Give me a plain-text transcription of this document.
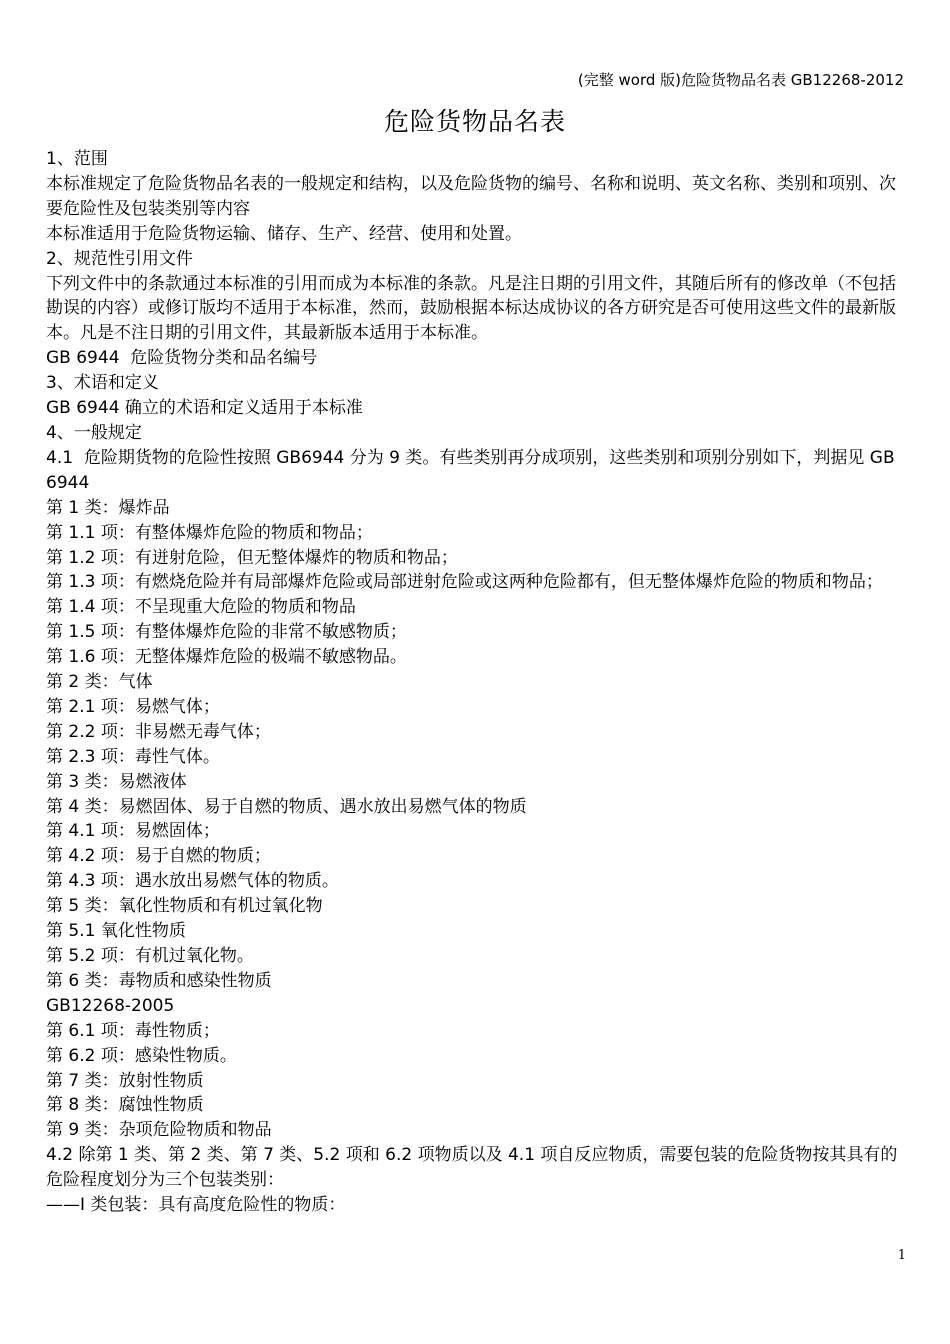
(完整 word 版)危险货物品名表 GB12268-2012
危险货物品名表
1、范围
本标准规定了危险货物品名表的一般规定和结构，以及危险货物的编号、名称和说明、英文名称、类别和项别、次要危险性及包装类别等内容
本标准适用于危险货物运输、储存、生产、经营、使用和处置。
2、规范性引用文件
下列文件中的条款通过本标准的引用而成为本标准的条款。凡是注日期的引用文件，其随后所有的修改单（不包括勘误的内容）或修订版均不适用于本标准，然而，鼓励根据本标达成协议的各方研究是否可使用这些文件的最新版本。凡是不注日期的引用文件，其最新版本适用于本标准。
GB 6944  危险货物分类和品名编号
3、术语和定义
GB 6944 确立的术语和定义适用于本标准
4、一般规定
4.1  危险期货物的危险性按照 GB6944 分为 9 类。有些类别再分成项别，这些类别和项别分别如下，判据见 GB 6944
第 1 类：爆炸品
第 1.1 项：有整体爆炸危险的物质和物品；
第 1.2 项：有迸射危险，但无整体爆炸的物质和物品；
第 1.3 项：有燃烧危险并有局部爆炸危险或局部迸射危险或这两种危险都有，但无整体爆炸危险的物质和物品；
第 1.4 项：不呈现重大危险的物质和物品
第 1.5 项：有整体爆炸危险的非常不敏感物质；
第 1.6 项：无整体爆炸危险的极端不敏感物品。
第 2 类：气体
第 2.1 项：易燃气体；
第 2.2 项：非易燃无毒气体；
第 2.3 项：毒性气体。
第 3 类：易燃液体
第 4 类：易燃固体、易于自燃的物质、遇水放出易燃气体的物质
第 4.1 项：易燃固体；
第 4.2 项：易于自燃的物质；
第 4.3 项：遇水放出易燃气体的物质。
第 5 类：氧化性物质和有机过氧化物
第 5.1 氧化性物质
第 5.2 项：有机过氧化物。
第 6 类：毒物质和感染性物质
GB12268-2005
第 6.1 项：毒性物质；
第 6.2 项：感染性物质。
第 7 类：放射性物质
第 8 类：腐蚀性物质
第 9 类：杂项危险物质和物品
4.2 除第 1 类、第 2 类、第 7 类、5.2 项和 6.2 项物质以及 4.1 项自反应物质，需要包装的危险货物按其具有的危险程度划分为三个包装类别：
——I 类包装：具有高度危险性的物质：
1
